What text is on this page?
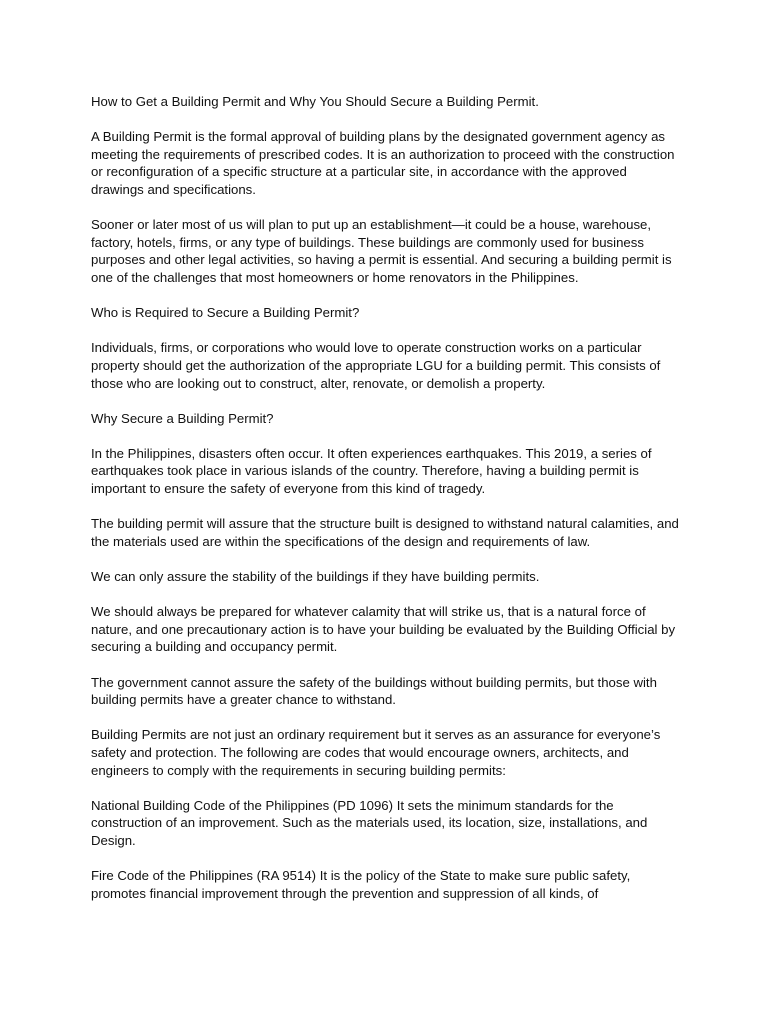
How to Get a Building Permit and Why You Should Secure a Building Permit.

A Building Permit is the formal approval of building plans by the designated government agency as meeting the requirements of prescribed codes. It is an authorization to proceed with the construction or reconfiguration of a specific structure at a particular site, in accordance with the approved drawings and specifications.

Sooner or later most of us will plan to put up an establishment—it could be a house, warehouse, factory, hotels, firms, or any type of buildings. These buildings are commonly used for business purposes and other legal activities, so having a permit is essential. And securing a building permit is one of the challenges that most homeowners or home renovators in the Philippines.

Who is Required to Secure a Building Permit?

Individuals, firms, or corporations who would love to operate construction works on a particular property should get the authorization of the appropriate LGU for a building permit. This consists of those who are looking out to construct, alter, renovate, or demolish a property.

Why Secure a Building Permit?

In the Philippines, disasters often occur. It often experiences earthquakes. This 2019, a series of earthquakes took place in various islands of the country. Therefore, having a building permit is important to ensure the safety of everyone from this kind of tragedy.

The building permit will assure that the structure built is designed to withstand natural calamities, and the materials used are within the specifications of the design and requirements of law.

We can only assure the stability of the buildings if they have building permits.

We should always be prepared for whatever calamity that will strike us, that is a natural force of nature, and one precautionary action is to have your building be evaluated by the Building Official by securing a building and occupancy permit.

The government cannot assure the safety of the buildings without building permits, but those with building permits have a greater chance to withstand.

Building Permits are not just an ordinary requirement but it serves as an assurance for everyone’s safety and protection. The following are codes that would encourage owners, architects, and engineers to comply with the requirements in securing building permits:

National Building Code of the Philippines (PD 1096) It sets the minimum standards for the construction of an improvement. Such as the materials used, its location, size, installations, and Design.

Fire Code of the Philippines (RA 9514) It is the policy of the State to make sure public safety, promotes financial improvement through the prevention and suppression of all kinds, of
